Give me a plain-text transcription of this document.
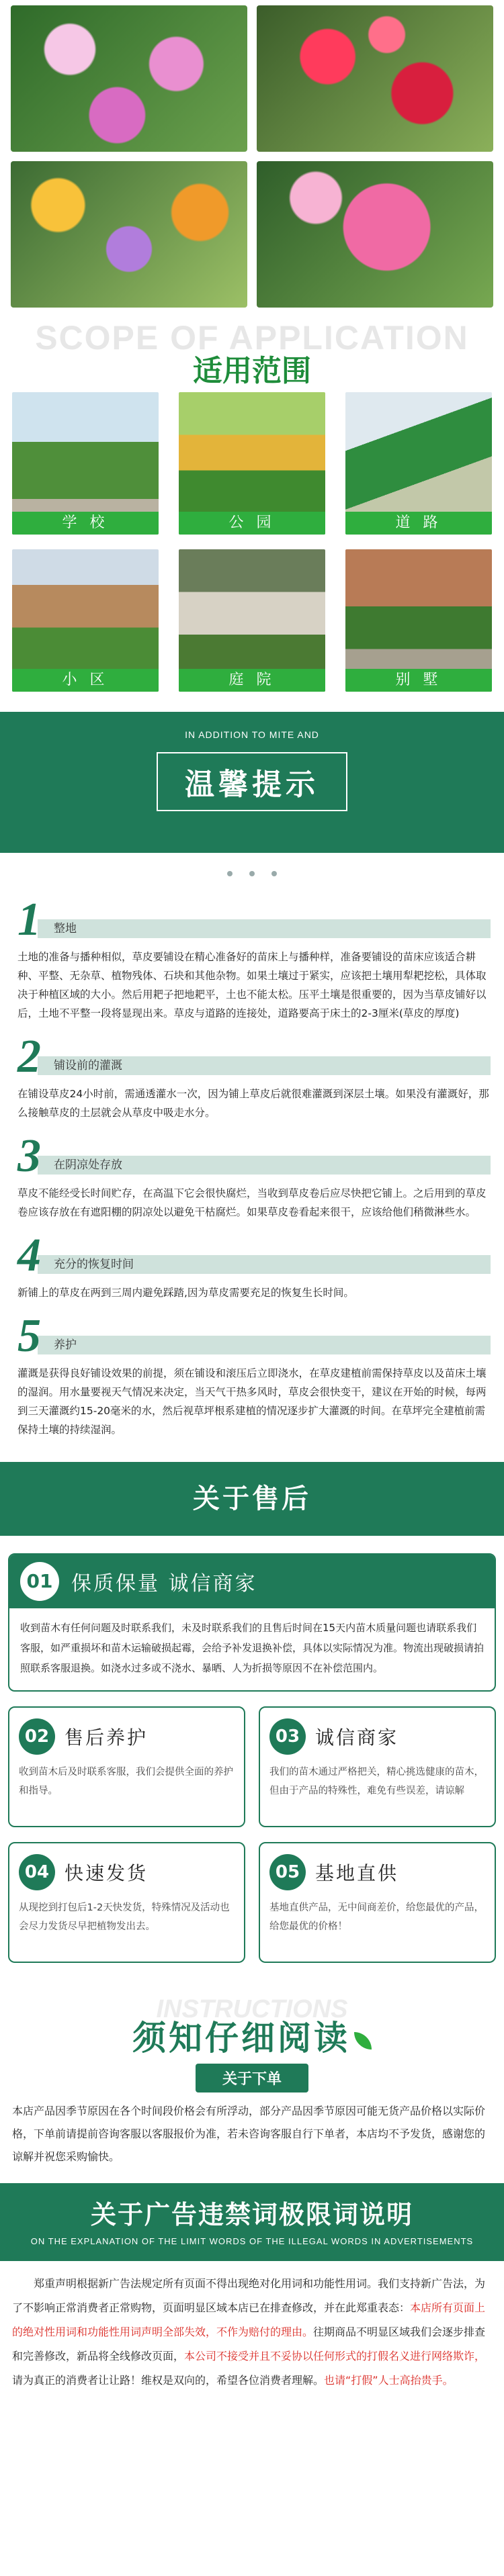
SCOPE OF APPLICATION
适用范围
学 校	公 园	道 路
小 区	庭 院	别 墅
IN ADDITION TO MITE AND
温馨提示

整地
1
土地的准备与播种相似，草皮要铺设在精心准备好的苗床上与播种样，准备要铺设的苗床应该适合耕种、平整、无杂草、植物残体、石块和其他杂物。如果土壤过于紧实，应该把土壤用犁耙挖松，具体取决于种植区域的大小。然后用耙子把地耙平，土也不能太松。压平土壤是很重要的，因为当草皮铺好以后，土地不平整一段将显现出来。草皮与道路的连接处，道路要高于床土的2-3厘米(草皮的厚度)
铺设前的灌溉
2
在铺设草皮24小时前，需通透灌水一次，因为铺上草皮后就很难灌溉到深层土壤。如果没有灌溉好，那么接触草皮的土层就会从草皮中吸走水分。
在阴凉处存放
3
草皮不能经受长时间贮存，在高温下它会很快腐烂，当收到草皮卷后应尽快把它铺上。之后用到的草皮卷应该存放在有遮阳棚的阴凉处以避免干枯腐烂。如果草皮卷看起来很干，应该给他们稍微淋些水。
充分的恢复时间
4
新铺上的草皮在两到三周内避免踩踏,因为草皮需要充足的恢复生长时间。
养护
5
灌溉是获得良好铺设效果的前提，须在铺设和滚压后立即浇水，在草皮建植前需保持草皮以及苗床土壤的湿润。用水量要视天气情况来决定，当天气干热多风时，草皮会很快变干，建议在开始的时候，每两到三天灌溉约15-20毫米的水，然后视草坪根系建植的情况逐步扩大灌溉的时间。在草坪完全建植前需保持土壤的持续湿润。
关于售后
01 保质保量 诚信商家
收到苗木有任何问题及时联系我们，未及时联系我们的且售后时间在15天内苗木质量问题也请联系我们客服，如严重损坏和苗木运输破损起霉，会给予补发退换补偿，具体以实际情况为准。物流出现破损请拍照联系客服退换。如浇水过多或不浇水、暴晒、人为折损等原因不在补偿范围内。
02 售后养护
收到苗木后及时联系客服，我们会提供全面的养护和指导。
03 诚信商家
我们的苗木通过严格把关，精心挑选健康的苗木，但由于产品的特殊性，难免有些误差，请谅解
04 快速发货
从现挖到打包后1-2天快发货，特殊情况及活动也会尽力发货尽早把植物发出去。
05 基地直供
基地直供产品，无中间商差价，给您最优的产品，给您最优的价格！
INSTRUCTIONS
须知仔细阅读
关于下单
本店产品因季节原因在各个时间段价格会有所浮动，部分产品因季节原因可能无货产品价格以实际价格，下单前请提前咨询客服以客服报价为准，若未咨询客服自行下单者，本店均不予发货，感谢您的谅解并祝您采购愉快。
关于广告违禁词极限词说明
ON THE EXPLANATION OF THE LIMIT WORDS OF THE ILLEGAL WORDS IN ADVERTISEMENTS
郑重声明根据新广告法规定所有页面不得出现绝对化用词和功能性用词。我们支持新广告法，为了不影响正常消费者正常购物，页面明显区域本店已在排查修改，并在此郑重表态：本店所有页面上的绝对性用词和功能性用词声明全部失效，不作为赔付的理由。往期商品不明显区域我们会逐步排查和完善修改，新品将全线修改页面，本公司不接受并且不妥协以任何形式的打假名义进行网络欺诈，请为真正的消费者让让路！维权是双向的，希望各位消费者理解。也请“打假”人士高抬贵手。
